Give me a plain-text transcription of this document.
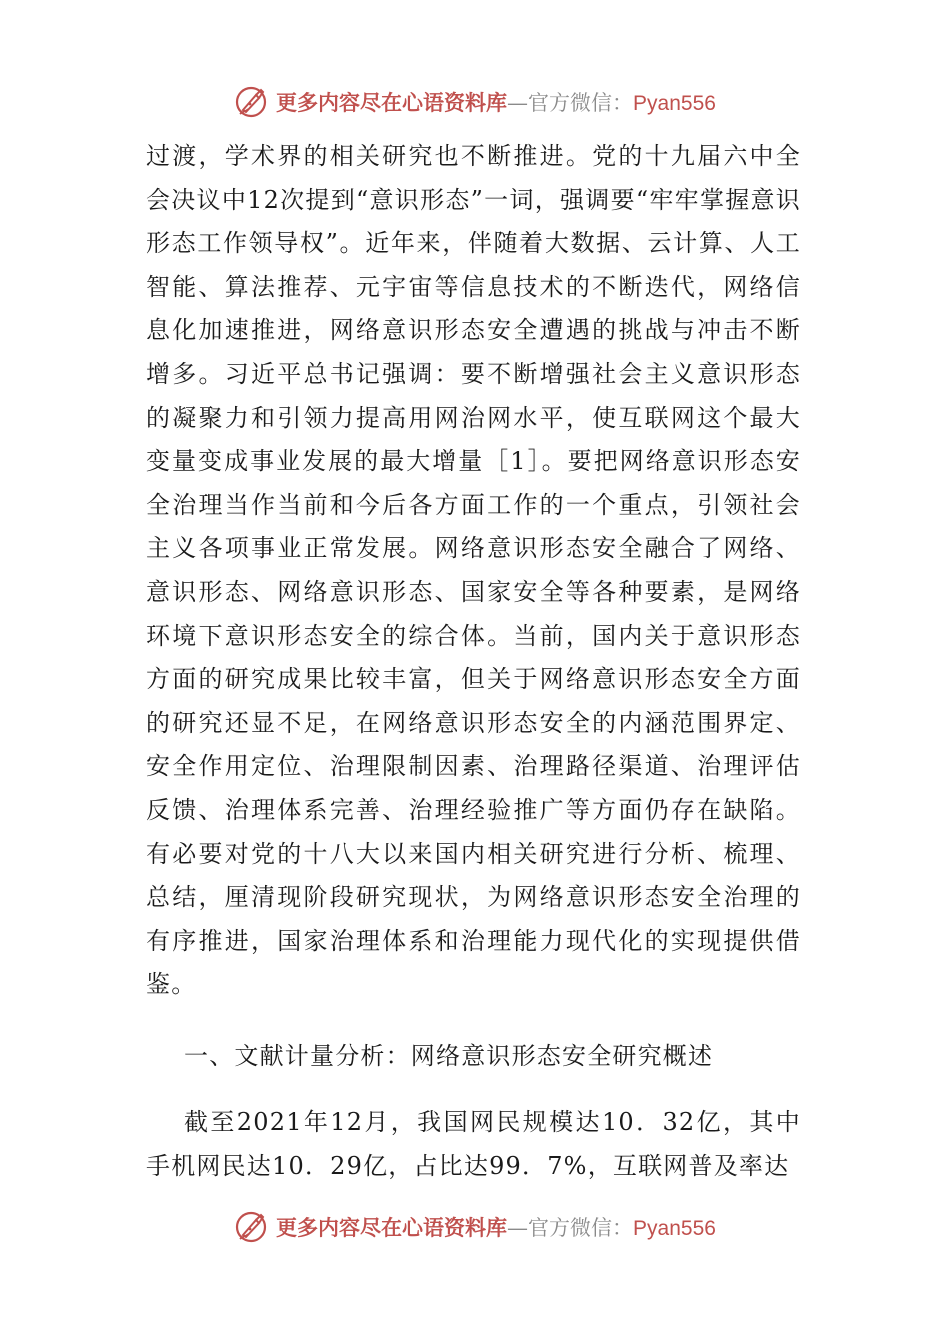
更多内容尽在心语资料库 — 官方微信： Pyan556

过渡，学术界的相关研究也不断推进。党的十九届六中全会决议中12次提到“意识形态”一词，强调要“牢牢掌握意识形态工作领导权”。近年来，伴随着大数据、云计算、人工智能、算法推荐、元宇宙等信息技术的不断迭代，网络信息化加速推进，网络意识形态安全遭遇的挑战与冲击不断增多。习近平总书记强调：要不断增强社会主义意识形态的凝聚力和引领力提高用网治网水平，使互联网这个最大变量变成事业发展的最大增量［1］。要把网络意识形态安全治理当作当前和今后各方面工作的一个重点，引领社会主义各项事业正常发展。网络意识形态安全融合了网络、意识形态、网络意识形态、国家安全等各种要素，是网络环境下意识形态安全的综合体。当前，国内关于意识形态方面的研究成果比较丰富，但关于网络意识形态安全方面的研究还显不足，在网络意识形态安全的内涵范围界定、安全作用定位、治理限制因素、治理路径渠道、治理评估反馈、治理体系完善、治理经验推广等方面仍存在缺陷。有必要对党的十八大以来国内相关研究进行分析、梳理、总结，厘清现阶段研究现状，为网络意识形态安全治理的有序推进，国家治理体系和治理能力现代化的实现提供借鉴。

一、文献计量分析：网络意识形态安全研究概述

截至2021年12月，我国网民规模达10．32亿，其中手机网民达10．29亿，占比达99．7%，互联网普及率达

更多内容尽在心语资料库 — 官方微信： Pyan556
